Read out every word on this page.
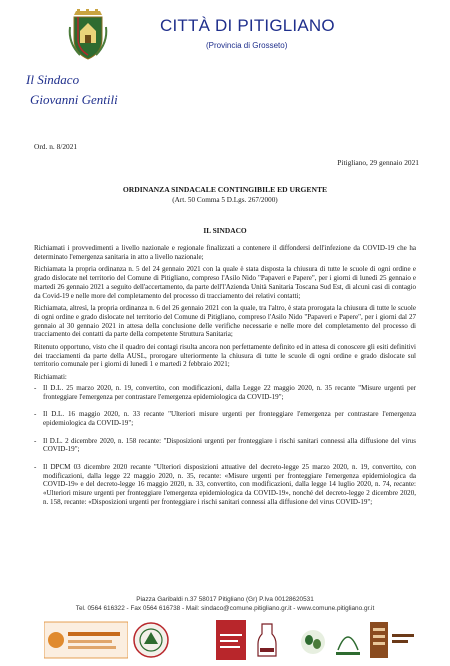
CITTÀ DI PITIGLIANO
(Provincia di Grosseto)
Il Sindaco
Giovanni Gentili
Ord. n. 8/2021
Pitigliano, 29 gennaio 2021
ORDINANZA SINDACALE CONTINGIBILE ED URGENTE
(Art. 50 Comma 5 D.Lgs. 267/2000)
IL SINDACO

Richiamati i provvedimenti a livello nazionale e regionale finalizzati a contenere il diffondersi dell'infezione da COVID-19 che ha determinato l'emergenza sanitaria in atto a livello nazionale;

Richiamata la propria ordinanza n. 5 del 24 gennaio 2021 con la quale è stata disposta la chiusura di tutte le scuole di ogni ordine e grado dislocate nel territorio del Comune di Pitigliano, compreso l'Asilo Nido "Papaveri e Papere", per i giorni di lunedì 25 gennaio e martedì 26 gennaio 2021 a seguito dell'accertamento, da parte dell'l'Azienda Unità Sanitaria Toscana Sud Est, di alcuni casi di contagio da Covid-19 e nelle more del completamento del processo di tracciamento dei relativi contatti;

Richiamata, altresì, la propria ordinanza n. 6 del 26 gennaio 2021 con la quale, tra l'altro, è stata prorogata la chiusura di tutte le scuole di ogni ordine e grado dislocate nel territorio del Comune di Pitigliano, compreso l'Asilo Nido "Papaveri e Papere", per i giorni dal 27 gennaio al 30 gennaio 2021 in attesa della conclusione delle verifiche necessarie e nelle more del completamento del processo di tracciamento dei contatti da parte della competente Struttura Sanitaria;

Ritenuto opportuno, visto che il quadro dei contagi risulta ancora non perfettamente definito ed in attesa di conoscere gli esiti definitivi dei tracciamenti da parte della AUSL, prorogare ulteriormente la chiusura di tutte le scuole di ogni ordine e grado dislocate sul territorio comunale per i giorni di lunedì 1 e martedì 2 febbraio 2021;

Richiamati:

- Il D.L. 25 marzo 2020, n. 19, convertito, con modificazioni, dalla Legge 22 maggio 2020, n. 35 recante "Misure urgenti per fronteggiare l'emergenza per contrastare l'emergenza epidemiologica da COVID-19";
- Il D.L. 16 maggio 2020, n. 33 recante "Ulteriori misure urgenti per fronteggiare l'emergenza per contrastare l'emergenza epidemiologica da COVID-19";
- Il D.L. 2 dicembre 2020, n. 158 recante: "Disposizioni urgenti per fronteggiare i rischi sanitari connessi alla diffusione del virus COVID-19";
- Il DPCM 03 dicembre 2020 recante "Ulteriori disposizioni attuative del decreto-legge 25 marzo 2020, n. 19, convertito, con modificazioni, dalla legge 22 maggio 2020, n. 35, recante: «Misure urgenti per fronteggiare l'emergenza epidemiologica da COVID-19» e del decreto-legge 16 maggio 2020, n. 33, convertito, con modificazioni, dalla legge 14 luglio 2020, n. 74, recante: «Ulteriori misure urgenti per fronteggiare l'emergenza epidemiologica da COVID-19», nonché del decreto-legge 2 dicembre 2020, n. 158, recante: «Disposizioni urgenti per fronteggiare i rischi sanitari connessi alla diffusione del virus COVID-19";
Piazza Garibaldi n.37 58017 Pitigliano (Gr) P.Iva 00128620531
Tel. 0564 616322 - Fax 0564 616738 - Mail: sindaco@comune.pitigliano.gr.it - www.comune.pitigliano.gr.it
